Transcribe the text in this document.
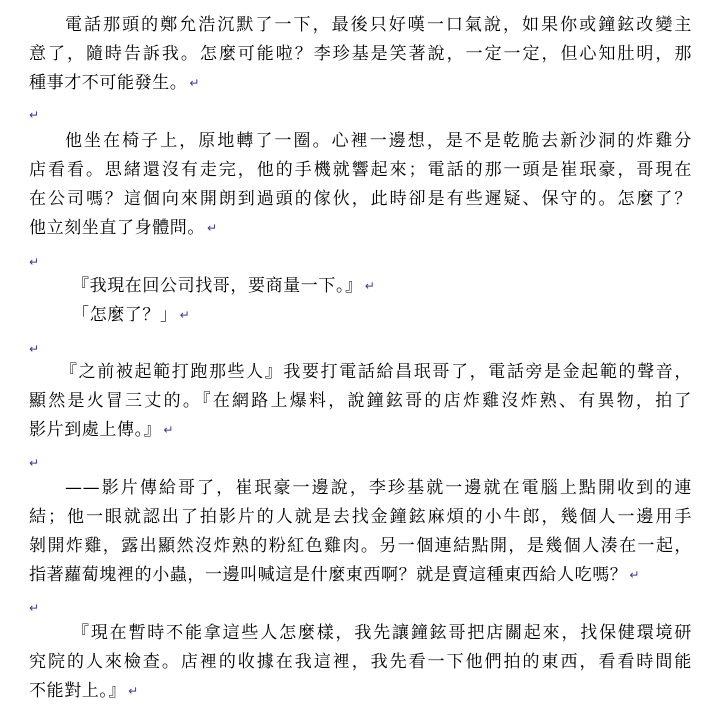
電話那頭的鄭允浩沉默了一下，最後只好嘆一口氣說，如果你或鐘鉉改變主
意了，隨時告訴我。怎麼可能啦？李珍基是笑著說，一定一定，但心知肚明，那
種事才不可能發生。 ↵
↵
他坐在椅子上，原地轉了一圈。心裡一邊想，是不是乾脆去新沙洞的炸雞分
店看看。思緒還沒有走完，他的手機就響起來；電話的那一頭是崔珉豪，哥現在
在公司嗎？這個向來開朗到過頭的傢伙，此時卻是有些遲疑、保守的。怎麼了？
他立刻坐直了身體問。 ↵
↵
『我現在回公司找哥，要商量一下。』 ↵
「怎麼了？」 ↵
↵
『之前被起範打跑那些人』我要打電話給昌珉哥了，電話旁是金起範的聲音，
顯然是火冒三丈的。『在網路上爆料，說鐘鉉哥的店炸雞沒炸熟、有異物，拍了
影片到處上傳。』 ↵
↵
——影片傳給哥了，崔珉豪一邊說，李珍基就一邊就在電腦上點開收到的連
結；他一眼就認出了拍影片的人就是去找金鐘鉉麻煩的小牛郎，幾個人一邊用手
剝開炸雞，露出顯然沒炸熟的粉紅色雞肉。另一個連結點開，是幾個人湊在一起，
指著蘿蔔塊裡的小蟲，一邊叫喊這是什麼東西啊？就是賣這種東西給人吃嗎？ ↵
↵
『現在暫時不能拿這些人怎麼樣，我先讓鐘鉉哥把店關起來，找保健環境研
究院的人來檢查。店裡的收據在我這裡，我先看一下他們拍的東西，看看時間能
不能對上。』 ↵
